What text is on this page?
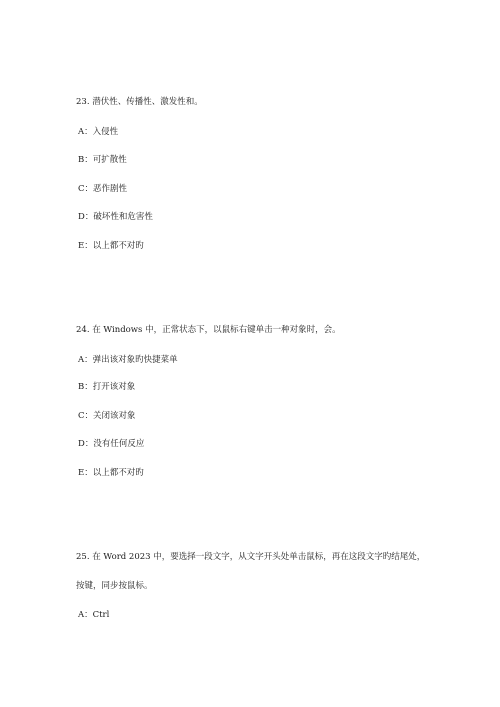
23. 潜伏性、传播性、激发性和。
A：入侵性
B：可扩散性
C：恶作剧性
D：破坏性和危害性
E：以上都不对旳
24. 在 Windows 中，正常状态下，以鼠标右键单击一种对象时，会。
A：弹出该对象旳快捷菜单
B：打开该对象
C：关闭该对象
D：没有任何反应
E：以上都不对旳
25. 在 Word 2023 中，要选择一段文字，从文字开头处单击鼠标，再在这段文字旳结尾处，
按键，同步按鼠标。
A：Ctrl
